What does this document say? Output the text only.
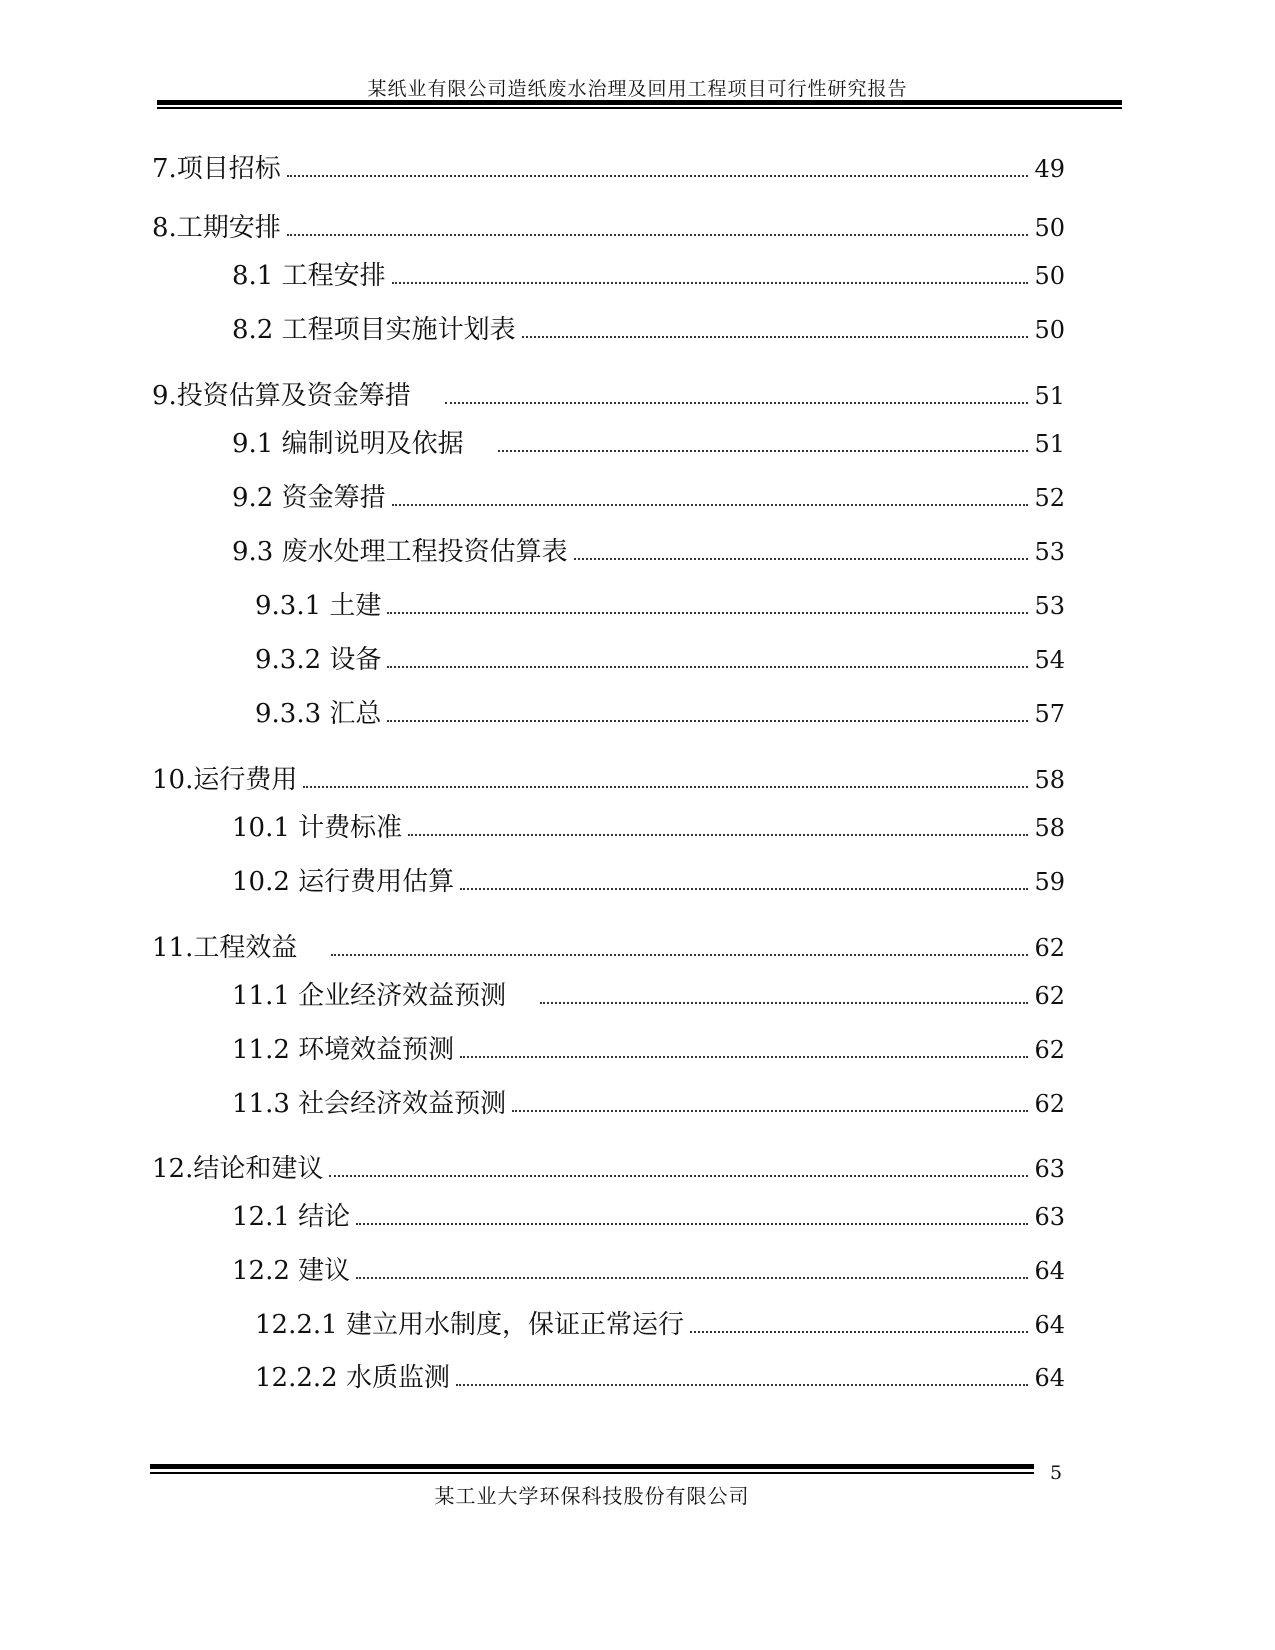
某纸业有限公司造纸废水治理及回用工程项目可行性研究报告
7.项目招标	49
8.工期安排	50
8.1 工程安排	50
8.2 工程项目实施计划表	50
9.投资估算及资金筹措	51
9.1 编制说明及依据	51
9.2 资金筹措	52
9.3 废水处理工程投资估算表	53
9.3.1 土建	53
9.3.2 设备	54
9.3.3 汇总	57
10.运行费用	58
10.1 计费标准	58
10.2 运行费用估算	59
11.工程效益	62
11.1 企业经济效益预测	62
11.2 环境效益预测	62
11.3 社会经济效益预测	62
12.结论和建议	63
12.1 结论	63
12.2 建议	64
12.2.1 建立用水制度，保证正常运行	64
12.2.2 水质监测	64
某工业大学环保科技股份有限公司
5
